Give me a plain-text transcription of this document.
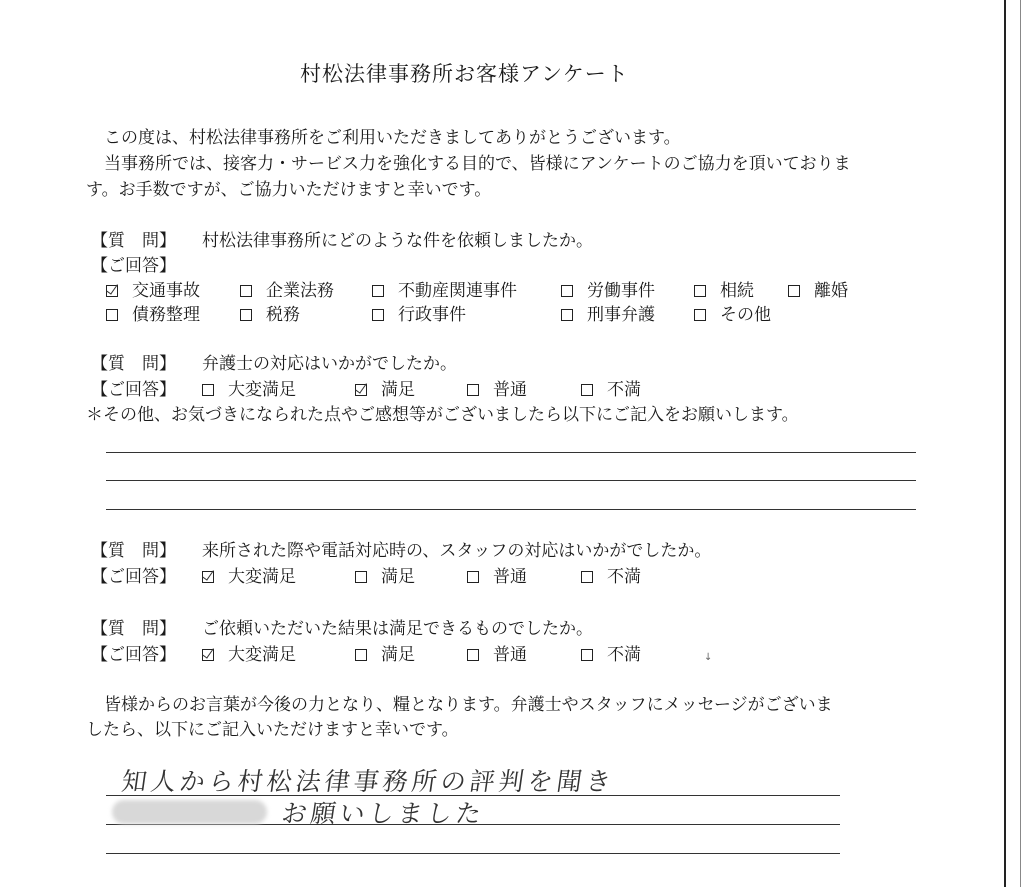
村松法律事務所お客様アンケート
この度は、村松法律事務所をご利用いただきましてありがとうございます。
当事務所では、接客力・サービス力を強化する目的で、皆様にアンケートのご協力を頂いておりま
す。お手数ですが、ご協力いただけますと幸いです。
【質　問】 村松法律事務所にどのような件を依頼しましたか。
【ご回答】
交通事故	企業法務	不動産関連事件	労働事件	相続	離婚
債務整理	税務	行政事件	刑事弁護	その他
【質　問】 弁護士の対応はいかがでしたか。
【ご回答】	大変満足	満足	普通	不満
＊その他、お気づきになられた点やご感想等がございましたら以下にご記入をお願いします。
【質　問】 来所された際や電話対応時の、スタッフの対応はいかがでしたか。
【ご回答】	大変満足	満足	普通	不満
【質　問】 ご依頼いただいた結果は満足できるものでしたか。
【ご回答】	大変満足	満足	普通	不満	↓
皆様からのお言葉が今後の力となり、糧となります。弁護士やスタッフにメッセージがございま
したら、以下にご記入いただけますと幸いです。
知人から村松法律事務所の評判を聞き
お願いしました
